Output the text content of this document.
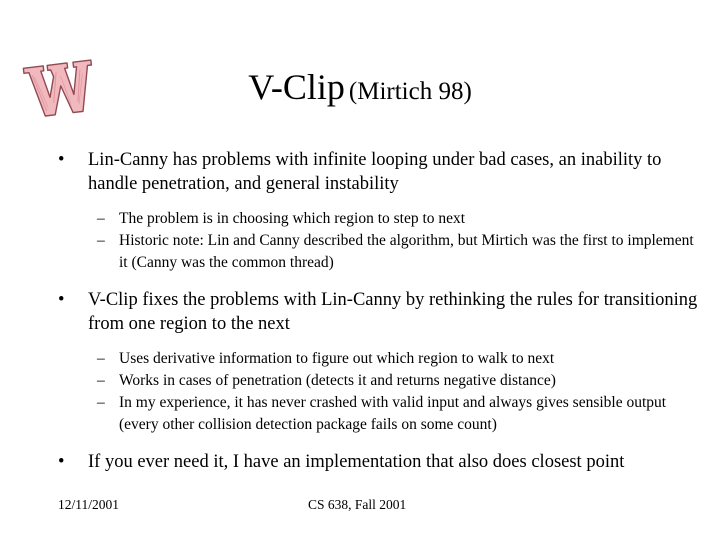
V-Clip (Mirtich 98)
• Lin-Canny has problems with infinite looping under bad cases, an inability to handle penetration, and general instability
– The problem is in choosing which region to step to next
– Historic note: Lin and Canny described the algorithm, but Mirtich was the first to implement it (Canny was the common thread)
• V-Clip fixes the problems with Lin-Canny by rethinking the rules for transitioning from one region to the next
– Uses derivative information to figure out which region to walk to next
– Works in cases of penetration (detects it and returns negative distance)
– In my experience, it has never crashed with valid input and always gives sensible output (every other collision detection package fails on some count)
• If you ever need it, I have an implementation that also does closest point
12/11/2001	CS 638, Fall 2001
